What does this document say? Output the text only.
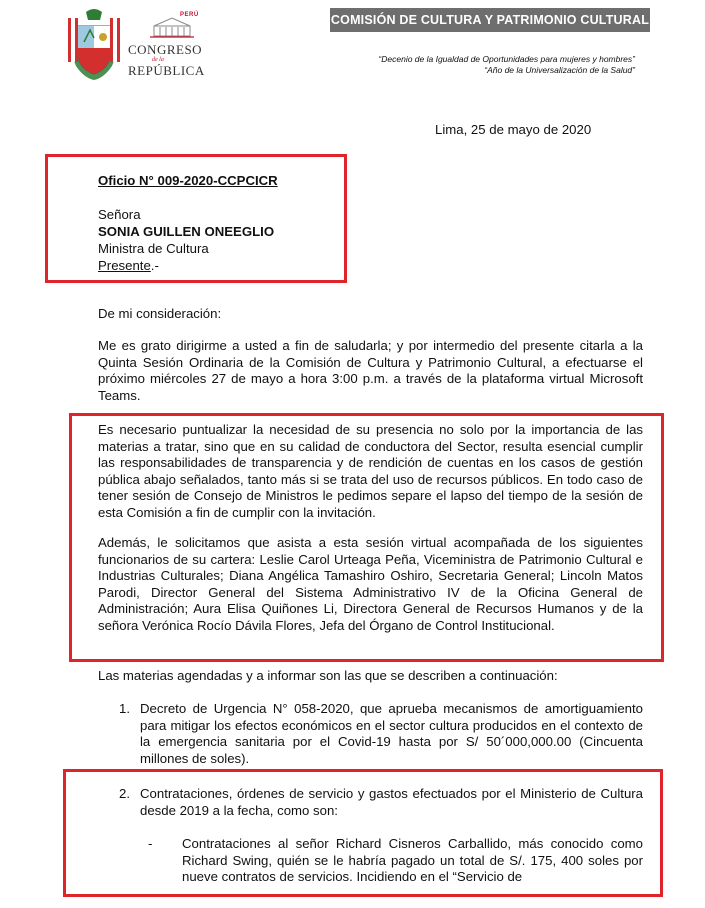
PERÚ
CONGRESO
de la
REPÚBLICA
COMISIÓN DE CULTURA Y PATRIMONIO CULTURAL
“Decenio de la Igualdad de Oportunidades para mujeres y hombres”
“Año de la Universalización de la Salud”
Lima, 25 de mayo de 2020
Oficio N° 009-2020-CCPCICR
Señora
SONIA GUILLEN ONEEGLIO
Ministra de Cultura
Presente.-
De mi consideración:
Me es grato dirigirme a usted a fin de saludarla; y por intermedio del presente citarla a la Quinta Sesión Ordinaria de la Comisión de Cultura y Patrimonio Cultural, a efectuarse el próximo miércoles 27 de mayo a hora 3:00 p.m. a través de la plataforma virtual Microsoft Teams.
Es necesario puntualizar la necesidad de su presencia no solo por la importancia de las materias a tratar, sino que en su calidad de conductora del Sector, resulta esencial cumplir las responsabilidades de transparencia y de rendición de cuentas en los casos de gestión pública abajo señalados, tanto más si se trata del uso de recursos públicos. En todo caso de tener sesión de Consejo de Ministros le pedimos separe el lapso del tiempo de la sesión de esta Comisión a fin de cumplir con la invitación.
Además, le solicitamos que asista a esta sesión virtual acompañada de los siguientes funcionarios de su cartera: Leslie Carol Urteaga Peña, Viceministra de Patrimonio Cultural e Industrias Culturales; Diana Angélica Tamashiro Oshiro, Secretaria General; Lincoln Matos Parodi, Director General del Sistema Administrativo IV de la Oficina General de Administración; Aura Elisa Quiñones Li, Directora General de Recursos Humanos y de la señora Verónica Rocío Dávila Flores, Jefa del Órgano de Control Institucional.
Las materias agendadas y a informar son las que se describen a continuación:
1. Decreto de Urgencia N° 058-2020, que aprueba mecanismos de amortiguamiento para mitigar los efectos económicos en el sector cultura producidos en el contexto de la emergencia sanitaria por el Covid-19 hasta por S/ 50´000,000.00 (Cincuenta millones de soles).
2. Contrataciones, órdenes de servicio y gastos efectuados por el Ministerio de Cultura desde 2019 a la fecha, como son:
- Contrataciones al señor Richard Cisneros Carballido, más conocido como Richard Swing, quién se le habría pagado un total de S/. 175, 400 soles por nueve contratos de servicios. Incidiendo en el “Servicio de
